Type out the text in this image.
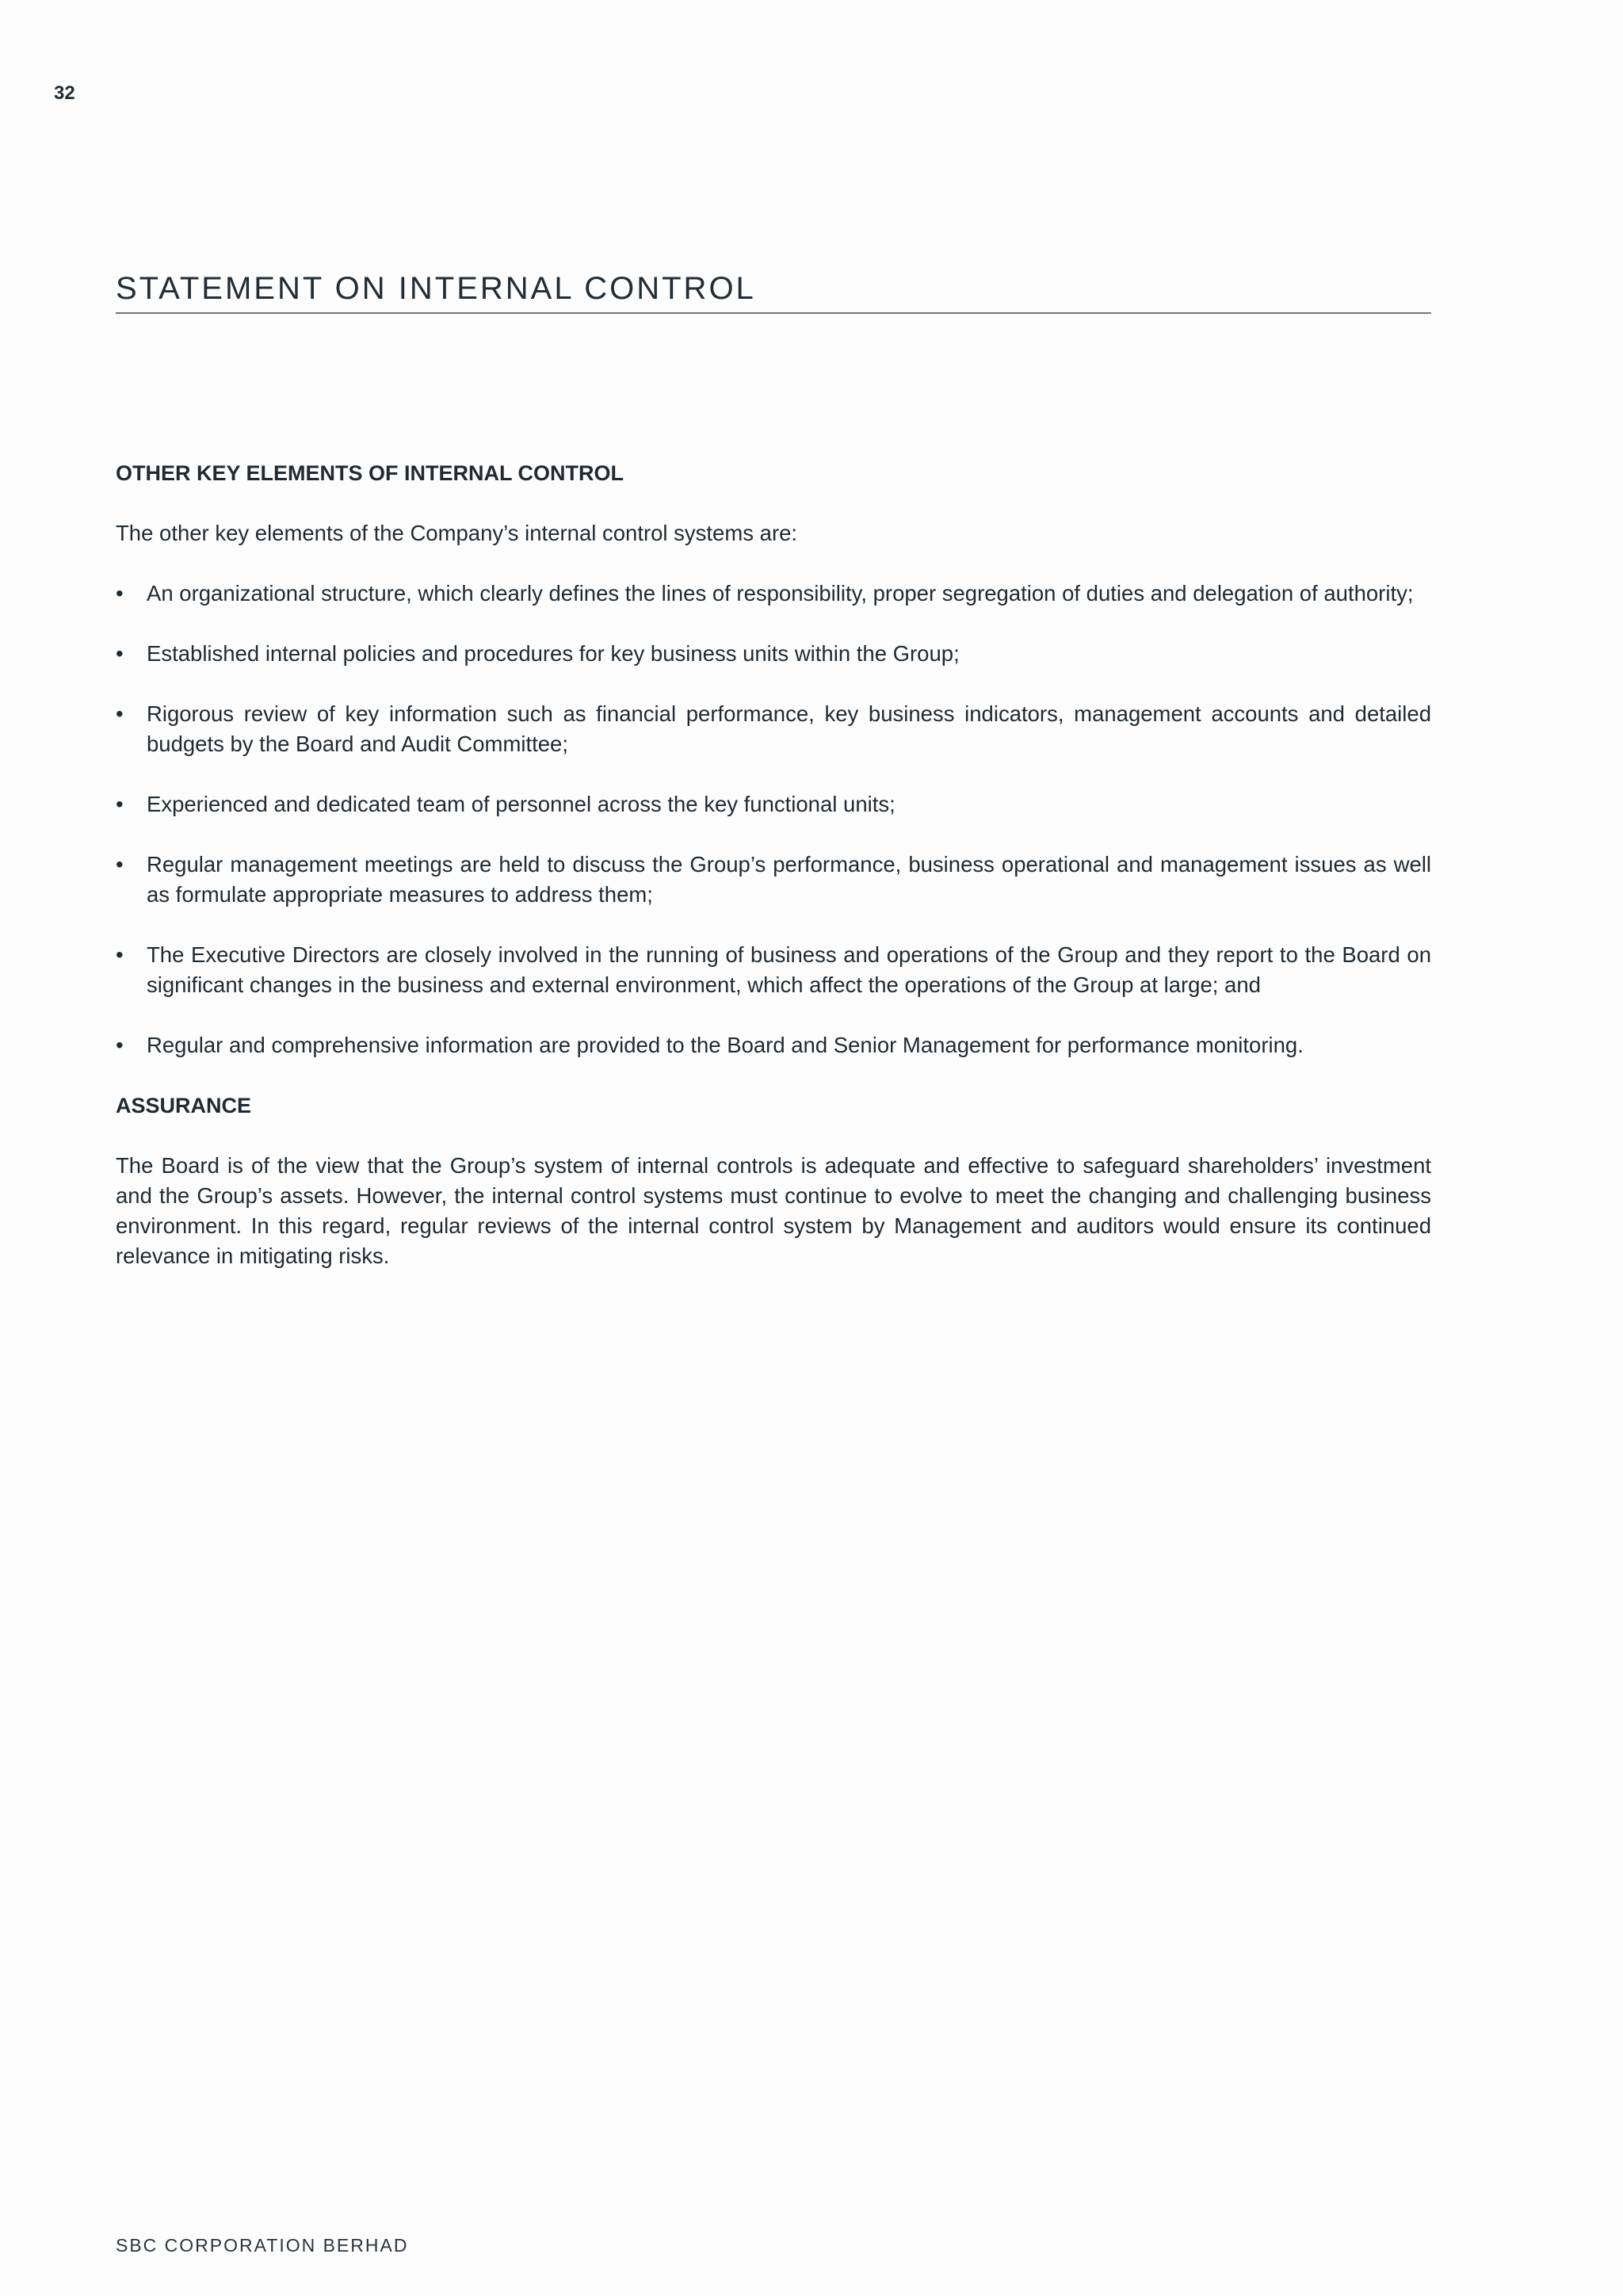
32
STATEMENT ON INTERNAL CONTROL
OTHER KEY ELEMENTS OF INTERNAL CONTROL

The other key elements of the Company’s internal control systems are:

• An organizational structure, which clearly defines the lines of responsibility, proper segregation of duties and delegation of authority;
• Established internal policies and procedures for key business units within the Group;
• Rigorous review of key information such as financial performance, key business indicators, management accounts and detailed budgets by the Board and Audit Committee;
• Experienced and dedicated team of personnel across the key functional units;
• Regular management meetings are held to discuss the Group’s performance, business operational and management issues as well as formulate appropriate measures to address them;
• The Executive Directors are closely involved in the running of business and operations of the Group and they report to the Board on significant changes in the business and external environment, which affect the operations of the Group at large; and
• Regular and comprehensive information are provided to the Board and Senior Management for performance monitoring.
ASSURANCE

The Board is of the view that the Group’s system of internal controls is adequate and effective to safeguard shareholders’ investment and the Group’s assets. However, the internal control systems must continue to evolve to meet the changing and challenging business environment. In this regard, regular reviews of the internal control system by Management and auditors would ensure its continued relevance in mitigating risks.

SBC CORPORATION BERHAD
